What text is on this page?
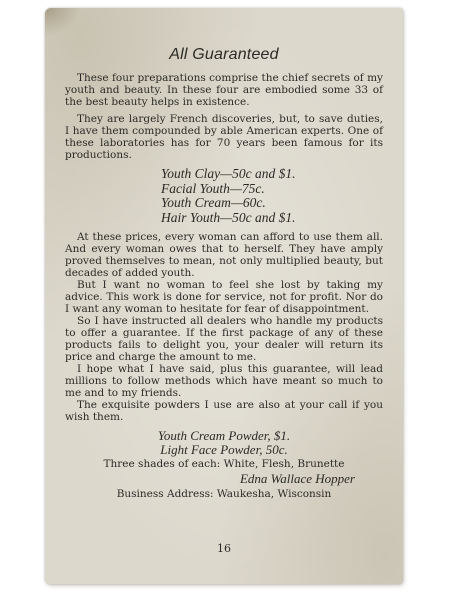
All Guaranteed

These four preparations comprise the chief secrets of my youth and beauty. In these four are embodied some 33 of the best beauty helps in existence.

They are largely French discoveries, but, to save duties, I have them compounded by able American experts. One of these laboratories has for 70 years been famous for its productions.

Youth Clay—50c and $1.
Facial Youth—75c.
Youth Cream—60c.
Hair Youth—50c and $1.

At these prices, every woman can afford to use them all. And every woman owes that to herself. They have amply proved themselves to mean, not only multiplied beauty, but decades of added youth.

But I want no woman to feel she lost by taking my advice. This work is done for service, not for profit. Nor do I want any woman to hesitate for fear of disappointment.

So I have instructed all dealers who handle my products to offer a guarantee. If the first package of any of these products fails to delight you, your dealer will return its price and charge the amount to me.

I hope what I have said, plus this guarantee, will lead millions to follow methods which have meant so much to me and to my friends.

The exquisite powders I use are also at your call if you wish them.

Youth Cream Powder, $1.
Light Face Powder, 50c.
Three shades of each: White, Flesh, Brunette
Edna Wallace Hopper
Business Address: Waukesha, Wisconsin
16
